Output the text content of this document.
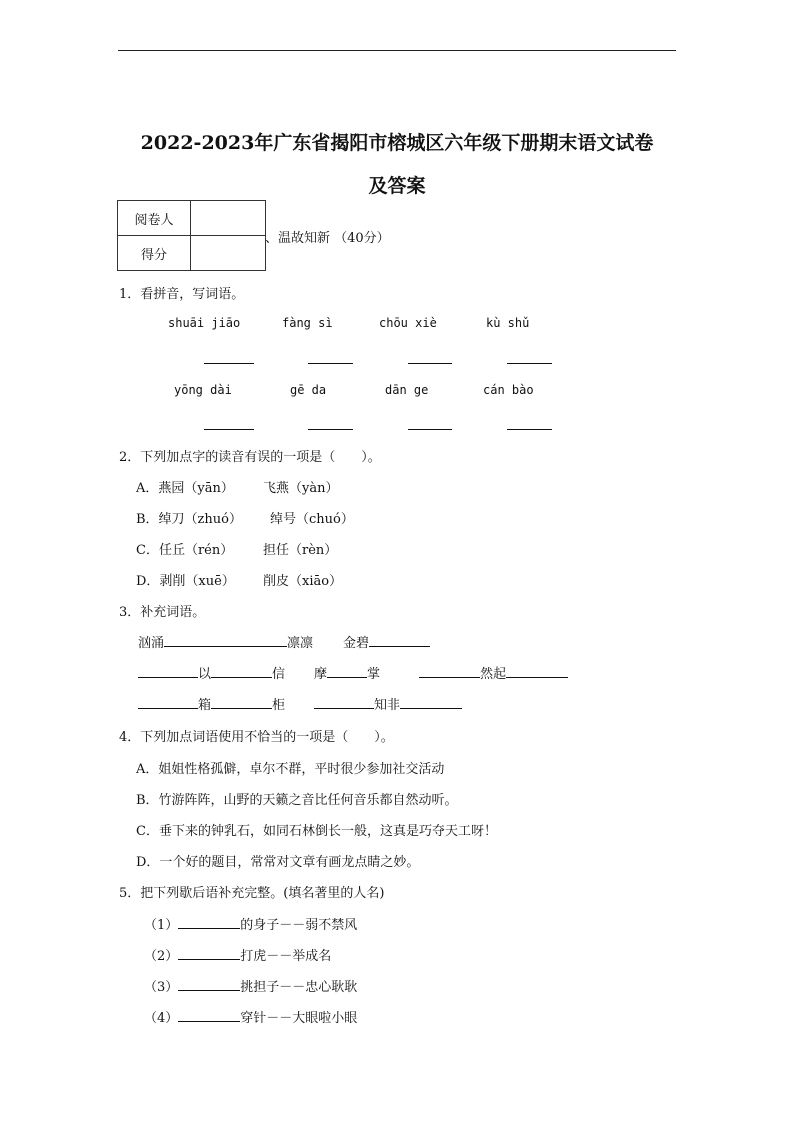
2022-2023年广东省揭阳市榕城区六年级下册期末语文试卷
及答案
阅卷人	
得分	
、温故知新 （40分）
1．看拼音，写词语。
shuāi jiāo	fàng sì	chōu xiè	kù shǔ
yōng dài	gē da	dān ge	cán bào
2．下列加点字的读音有误的一项是（　　）。
A．燕园（yān） 飞燕（yàn）
B．绰刀（zhuó） 绰号（chuó）
C．任丘（rén） 担任（rèn）
D．剥削（xuē） 削皮（xiāo）
3．补充词语。
汹涌	凛凛 金碧
以	信 摩	掌	然起
箱	柜	知非
4．下列加点词语使用不恰当的一项是（　　）。
A．姐姐性格孤僻，卓尔不群，平时很少参加社交活动
B．竹游阵阵，山野的天籁之音比任何音乐都自然动听。
C．垂下来的钟乳石，如同石林倒长一般，这真是巧夺天工呀！
D．一个好的题目，常常对文章有画龙点睛之妙。
5．把下列歇后语补充完整。(填名著里的人名)
（1）	的身子－－弱不禁风
（2）	打虎－－举成名
（3）	挑担子－－忠心耿耿
（4）	穿针－－大眼啦小眼
